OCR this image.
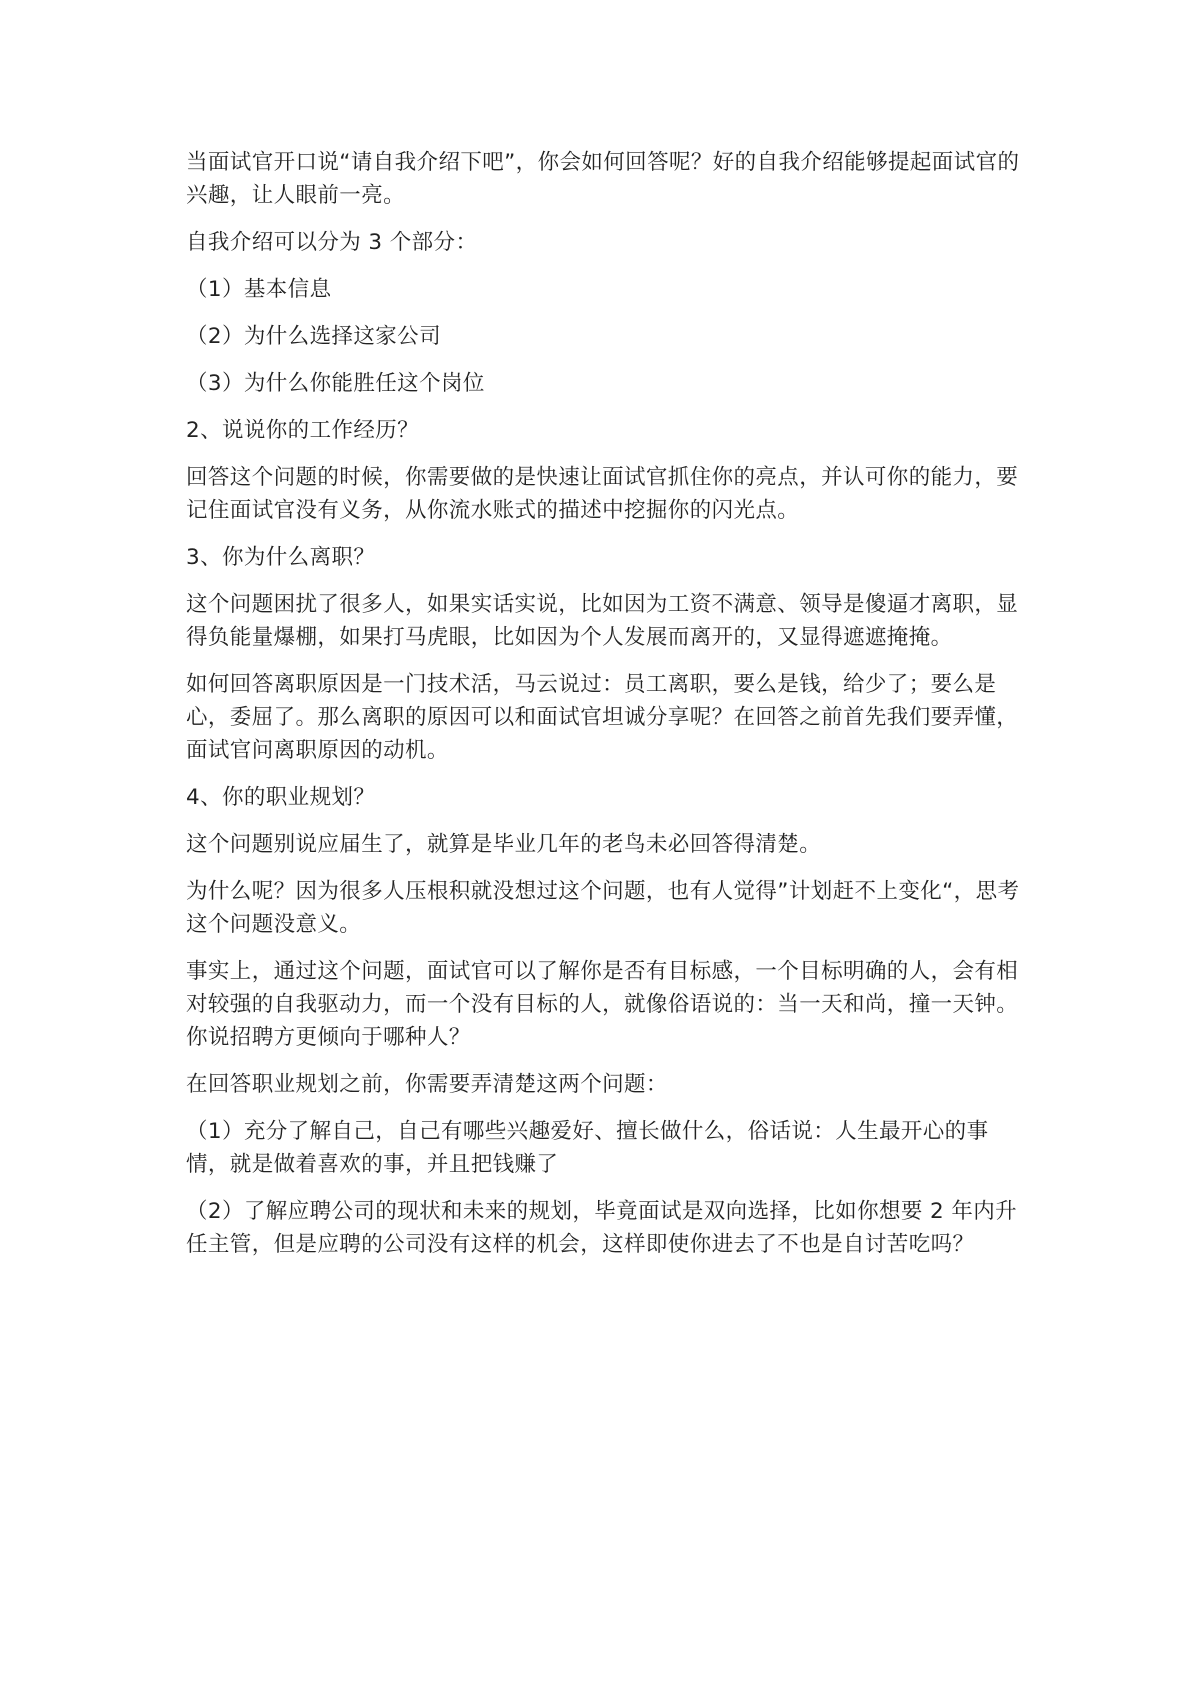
当面试官开口说“请自我介绍下吧”，你会如何回答呢？好的自我介绍能够提起面试官的兴趣，让人眼前一亮。

自我介绍可以分为 3 个部分：

（1）基本信息

（2）为什么选择这家公司

（3）为什么你能胜任这个岗位

2、说说你的工作经历？

回答这个问题的时候，你需要做的是快速让面试官抓住你的亮点，并认可你的能力，要记住面试官没有义务，从你流水账式的描述中挖掘你的闪光点。

3、你为什么离职？

这个问题困扰了很多人，如果实话实说，比如因为工资不满意、领导是傻逼才离职，显得负能量爆棚，如果打马虎眼，比如因为个人发展而离开的，又显得遮遮掩掩。

如何回答离职原因是一门技术活，马云说过：员工离职，要么是钱，给少了；要么是心，委屈了。那么离职的原因可以和面试官坦诚分享呢？在回答之前首先我们要弄懂，面试官问离职原因的动机。

4、你的职业规划？

这个问题别说应届生了，就算是毕业几年的老鸟未必回答得清楚。

为什么呢？因为很多人压根积就没想过这个问题，也有人觉得”计划赶不上变化“，思考这个问题没意义。

事实上，通过这个问题，面试官可以了解你是否有目标感，一个目标明确的人，会有相对较强的自我驱动力，而一个没有目标的人，就像俗语说的：当一天和尚，撞一天钟。你说招聘方更倾向于哪种人？

在回答职业规划之前，你需要弄清楚这两个问题：

（1）充分了解自己，自己有哪些兴趣爱好、擅长做什么，俗话说：人生最开心的事情，就是做着喜欢的事，并且把钱赚了

（2）了解应聘公司的现状和未来的规划，毕竟面试是双向选择，比如你想要 2 年内升任主管，但是应聘的公司没有这样的机会，这样即使你进去了不也是自讨苦吃吗？
